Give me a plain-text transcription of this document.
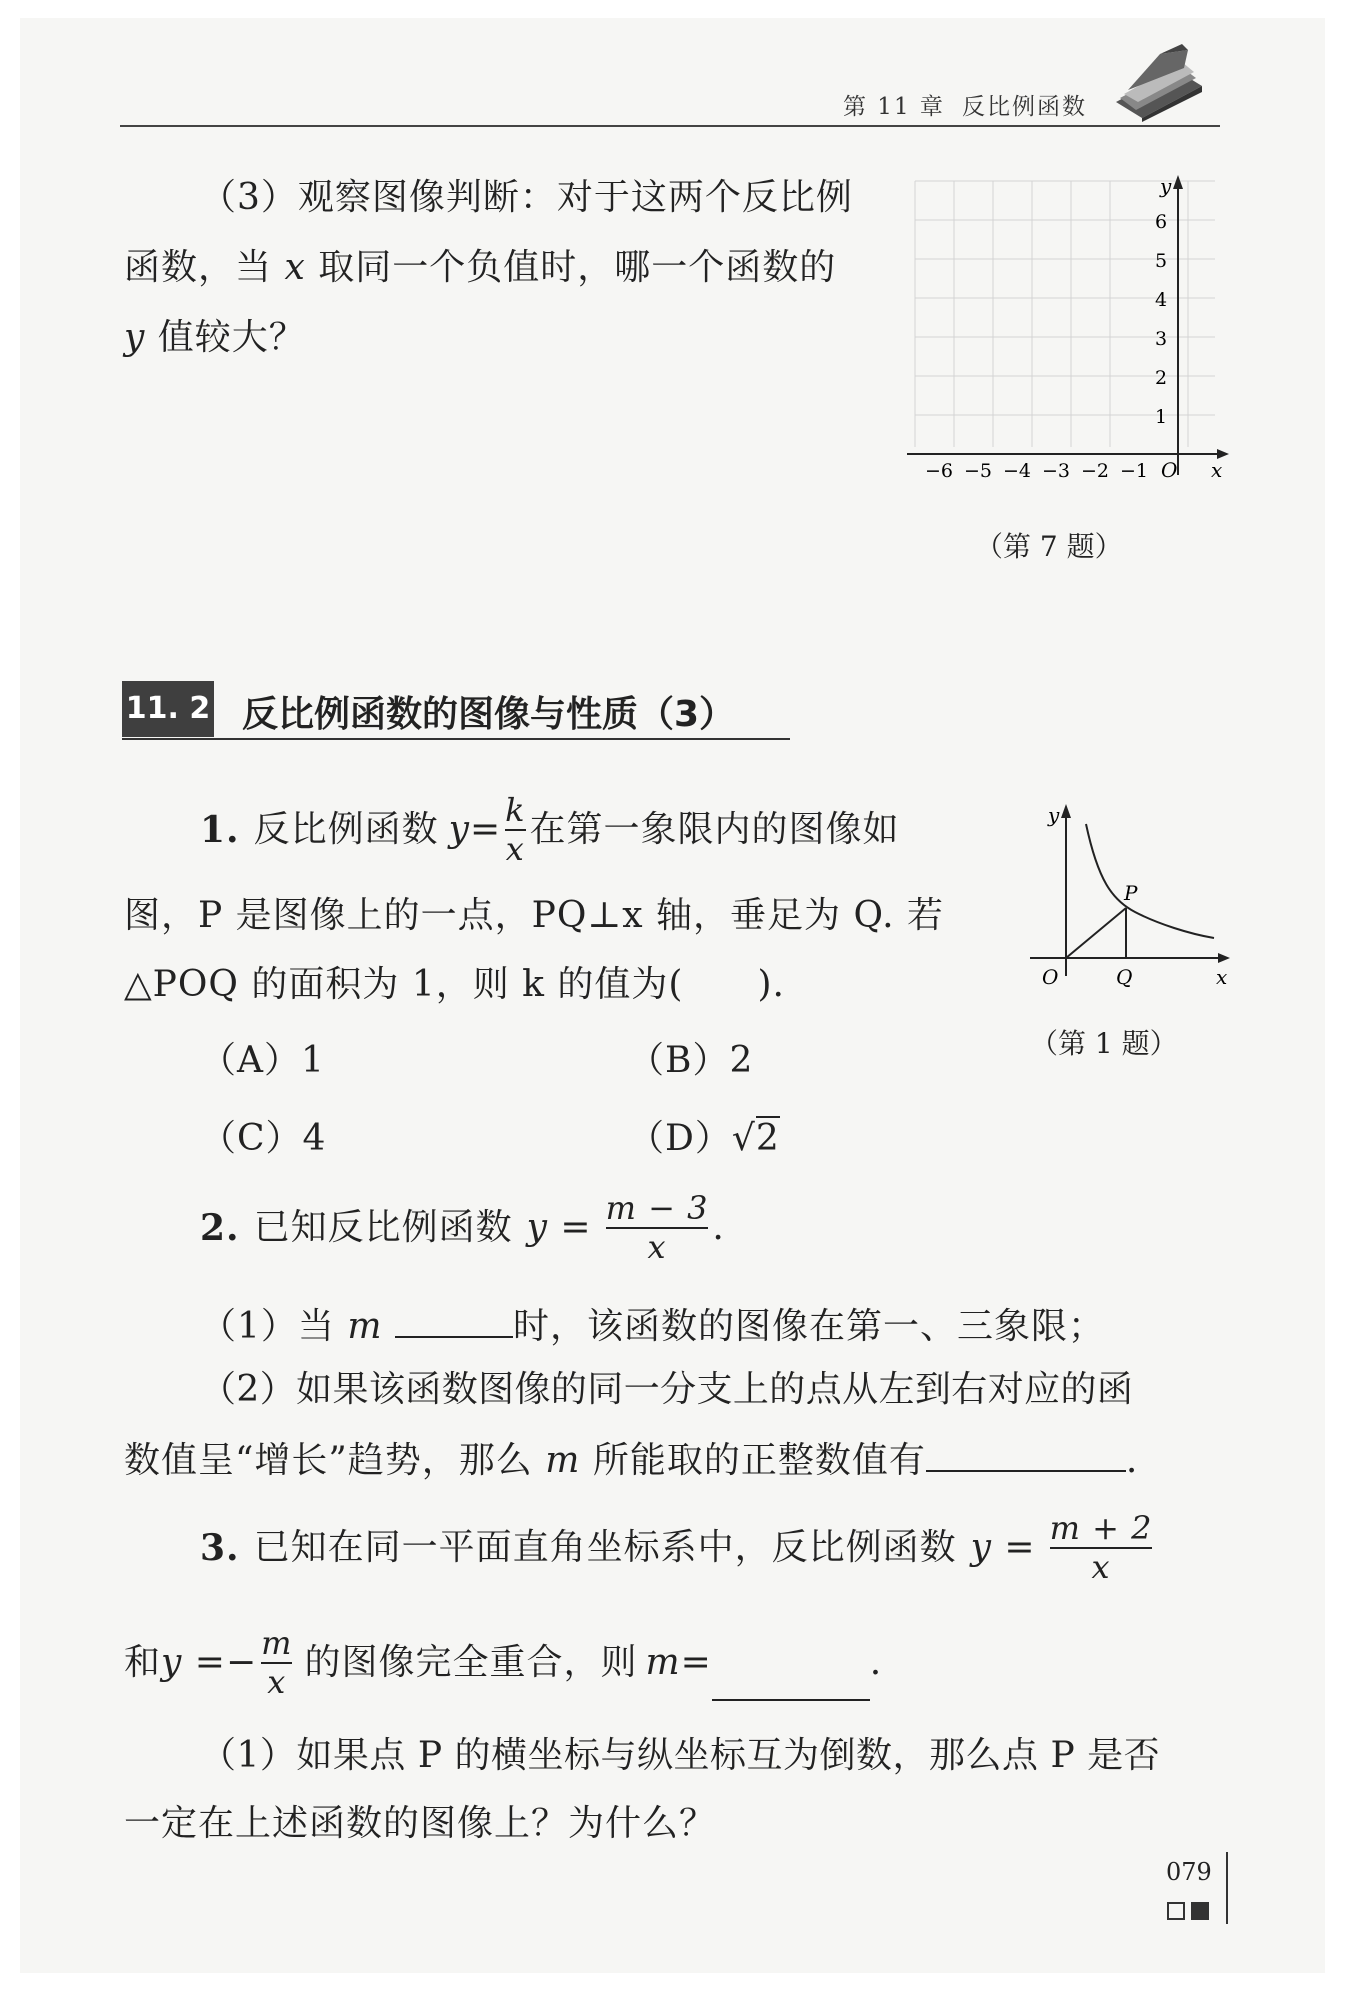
第 11 章 反比例函数
（3）观察图像判断：对于这两个反比例
函数，当 x 取同一个负值时，哪一个函数的
y 值较大？
y
x
O
1
2
3
4
5
6
−6 −5 −4 −3 −2 −1
（第 7 题）
11. 2 反比例函数的图像与性质（3）
1. 反比例函数 $y= \frac{k}{x}$ 在第一象限内的图像如
图，P 是图像上的一点，PQ⊥x 轴，垂足为 Q. 若
△POQ 的面积为 1，则 k 的值为(　　).
（A）1	（B）2
（C）4	（D）√2
y
x
O	Q
P
（第 1 题）
2. 已知反比例函数 $y = \frac{m - 3}{x}$ .
（1）当 m	时，该函数的图像在第一、三象限；
（2）如果该函数图像的同一分支上的点从左到右对应的函
数值呈“增长”趋势，那么 m 所能取的正整数值有	.
3. 已知在同一平面直角坐标系中，反比例函数 $y = \frac{m + 2}{x}$
和 $y =- \frac{m}{x}$ 的图像完全重合，则 m=	.
（1）如果点 P 的横坐标与纵坐标互为倒数，那么点 P 是否
一定在上述函数的图像上？为什么？
079
